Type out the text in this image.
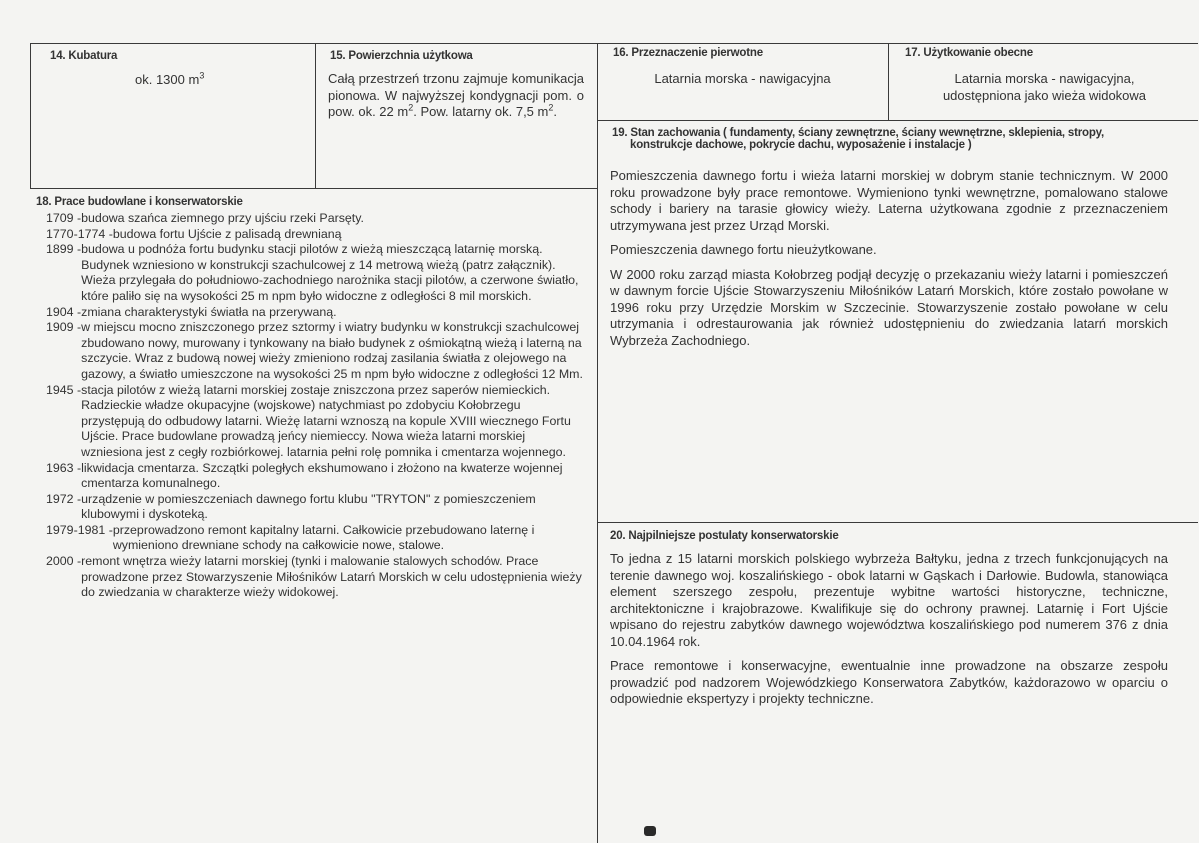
14. Kubatura
ok. 1300 $m^3$
15. Powierzchnia użytkowa
Całą przestrzeń trzonu zajmuje komunikacja pionowa. W najwyższej kondygnacji pom. o pow. ok. 22 $m^2$. Pow. latarny ok. 7,5 $m^2$.
16. Przeznaczenie pierwotne
Latarnia morska - nawigacyjna
17. Użytkowanie obecne
Latarnia morska - nawigacyjna,
udostępniona jako wieża widokowa
18. Prace budowlane i konserwatorskie
1709 - budowa szańca ziemnego przy ujściu rzeki Parsęty.
1770-1774 - budowa fortu Ujście z palisadą drewnianą
1899 - budowa u podnóża fortu budynku stacji pilotów z wieżą mieszczącą latarnię morską. Budynek wzniesiono w konstrukcji szachulcowej z 14 metrową wieżą (patrz załącznik). Wieża przylegała do południowo-zachodniego narożnika stacji pilotów, a czerwone światło, które paliło się na wysokości 25 m npm było widoczne z odległości 8 mil morskich.
1904 - zmiana charakterystyki światła na przerywaną.
1909 - w miejscu mocno zniszczonego przez sztormy i wiatry budynku w konstrukcji szachulcowej zbudowano nowy, murowany i tynkowany na biało budynek z ośmiokątną wieżą i laterną na szczycie. Wraz z budową nowej wieży zmieniono rodzaj zasilania światła z olejowego na gazowy, a światło umieszczone na wysokości 25 m npm było widoczne z odległości 12 Mm.
1945 - stacja pilotów z wieżą latarni morskiej zostaje zniszczona przez saperów niemieckich. Radzieckie władze okupacyjne (wojskowe) natychmiast po zdobyciu Kołobrzegu przystępują do odbudowy latarni. Wieżę latarni wznoszą na kopule XVIII wiecznego Fortu Ujście. Prace budowlane prowadzą jeńcy niemieccy. Nowa wieża latarni morskiej wzniesiona jest z cegły rozbiórkowej. latarnia pełni rolę pomnika i cmentarza wojennego.
1963 - likwidacja cmentarza. Szczątki poległych ekshumowano i złożono na kwaterze wojennej cmentarza komunalnego.
1972 - urządzenie w pomieszczeniach dawnego fortu klubu "TRYTON" z pomieszczeniem klubowymi i dyskoteką.
1979-1981 - przeprowadzono remont kapitalny latarni. Całkowicie przebudowano laternę i wymieniono drewniane schody na całkowicie nowe, stalowe.
2000 - remont wnętrza wieży latarni morskiej (tynki i malowanie stalowych schodów. Prace prowadzone przez Stowarzyszenie Miłośników Latarń Morskich w celu udostępnienia wieży do zwiedzania w charakterze wieży widokowej.
19. Stan zachowania ( fundamenty, ściany zewnętrzne, ściany wewnętrzne, sklepienia, stropy,
konstrukcje dachowe, pokrycie dachu, wyposażenie i instalacje )

Pomieszczenia dawnego fortu i wieża latarni morskiej w dobrym stanie technicznym. W 2000 roku prowadzone były prace remontowe. Wymieniono tynki wewnętrzne, pomalowano stalowe schody i bariery na tarasie głowicy wieży. Laterna użytkowana zgodnie z przeznaczeniem utrzymywana jest przez Urząd Morski.

Pomieszczenia dawnego fortu nieużytkowane.

W 2000 roku zarząd miasta Kołobrzeg podjął decyzję o przekazaniu wieży latarni i pomieszczeń w dawnym forcie Ujście Stowarzyszeniu Miłośników Latarń Morskich, które zostało powołane w 1996 roku przy Urzędzie Morskim w Szczecinie. Stowarzyszenie zostało powołane w celu utrzymania i odrestaurowania jak również udostępnieniu do zwiedzania latarń morskich Wybrzeża Zachodniego.

20. Najpilniejsze postulaty konserwatorskie

To jedna z 15 latarni morskich polskiego wybrzeża Bałtyku, jedna z trzech funkcjonujących na terenie dawnego woj. koszalińskiego - obok latarni w Gąskach i Darłowie. Budowla, stanowiąca element szerszego zespołu, prezentuje wybitne wartości historyczne, techniczne, architektoniczne i krajobrazowe. Kwalifikuje się do ochrony prawnej. Latarnię i Fort Ujście wpisano do rejestru zabytków dawnego województwa koszalińskiego pod numerem 376 z dnia 10.04.1964 rok.

Prace remontowe i konserwacyjne, ewentualnie inne prowadzone na obszarze zespołu prowadzić pod nadzorem Wojewódzkiego Konserwatora Zabytków, każdorazowo w oparciu o odpowiednie ekspertyzy i projekty techniczne.
